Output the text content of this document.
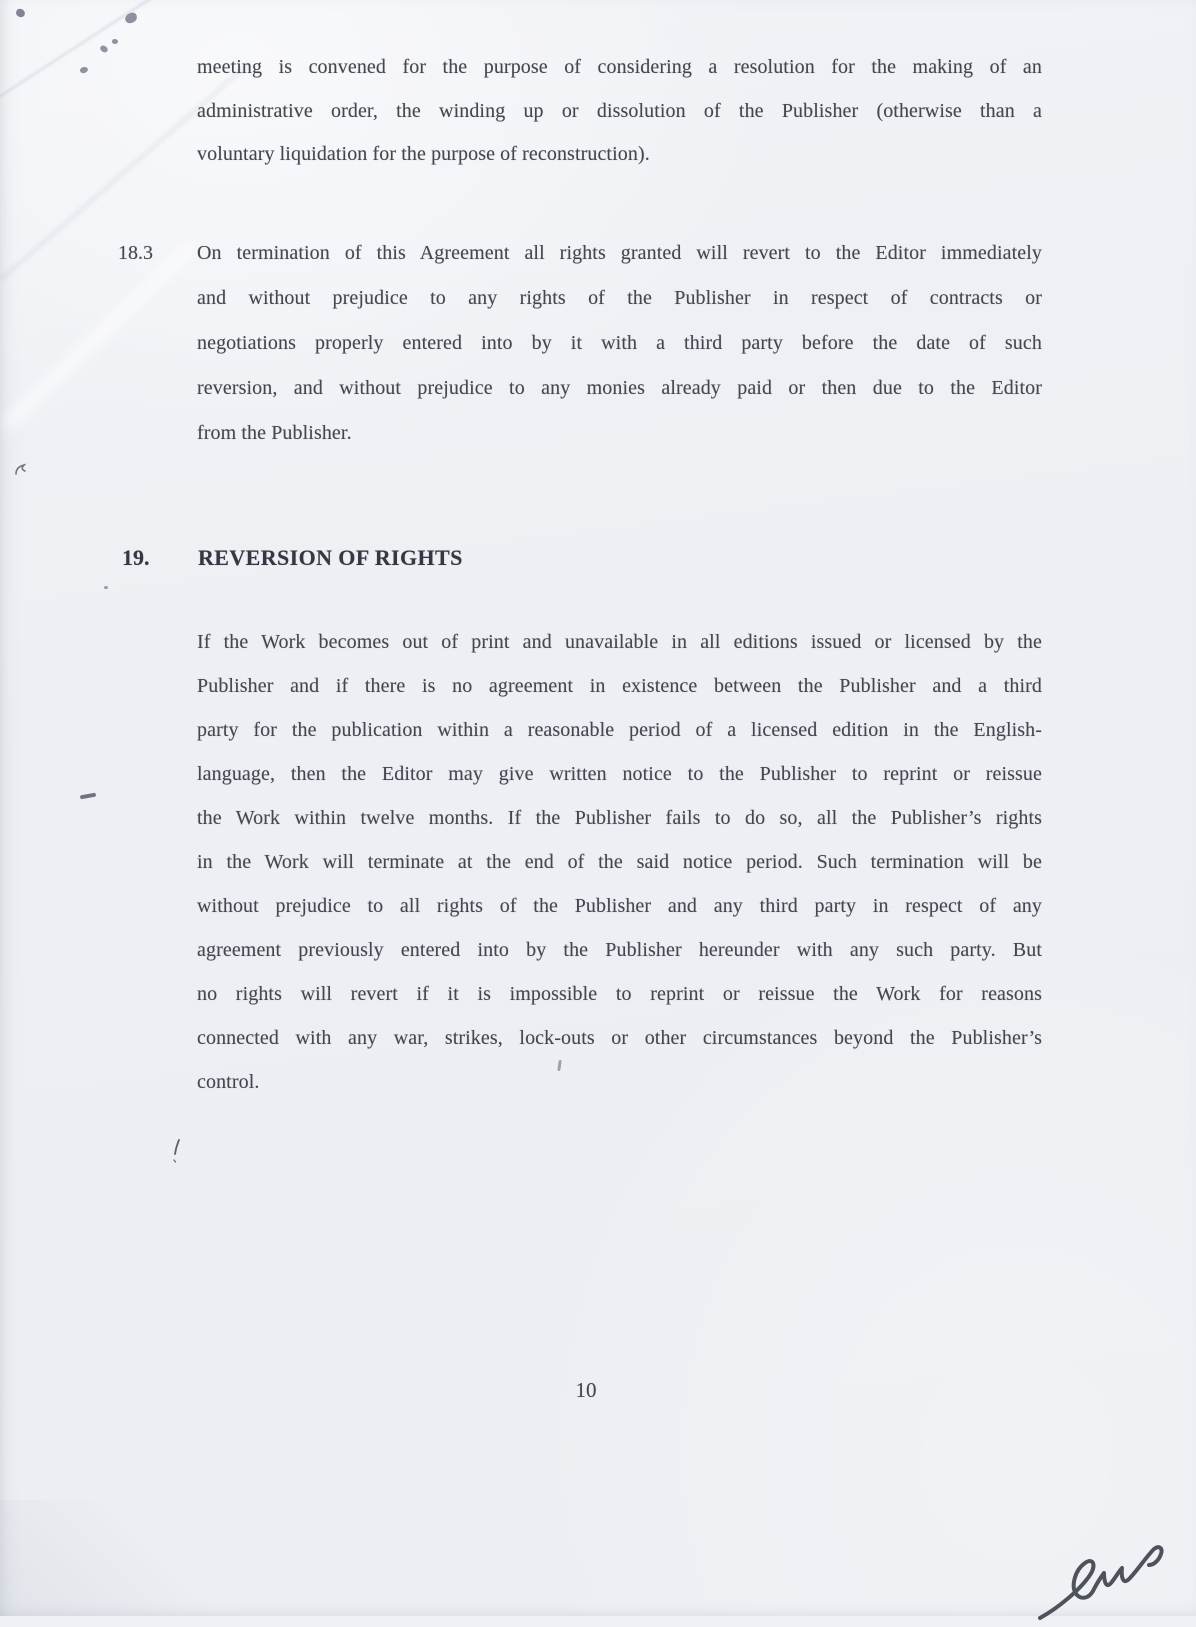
meeting is convened for the purpose of considering a resolution for the making of an
administrative order, the winding up or dissolution of the Publisher (otherwise than a
voluntary liquidation for the purpose of reconstruction).
18.3 On termination of this Agreement all rights granted will revert to the Editor immediately
and without prejudice to any rights of the Publisher in respect of contracts or
negotiations properly entered into by it with a third party before the date of such
reversion, and without prejudice to any monies already paid or then due to the Editor
from the Publisher.
19. REVERSION OF RIGHTS
If the Work becomes out of print and unavailable in all editions issued or licensed by the
Publisher and if there is no agreement in existence between the Publisher and a third
party for the publication within a reasonable period of a licensed edition in the English-
language, then the Editor may give written notice to the Publisher to reprint or reissue
the Work within twelve months. If the Publisher fails to do so, all the Publisher’s rights
in the Work will terminate at the end of the said notice period. Such termination will be
without prejudice to all rights of the Publisher and any third party in respect of any
agreement previously entered into by the Publisher hereunder with any such party. But
no rights will revert if it is impossible to reprint or reissue the Work for reasons
connected with any war, strikes, lock-outs or other circumstances beyond the Publisher’s
control.
10
